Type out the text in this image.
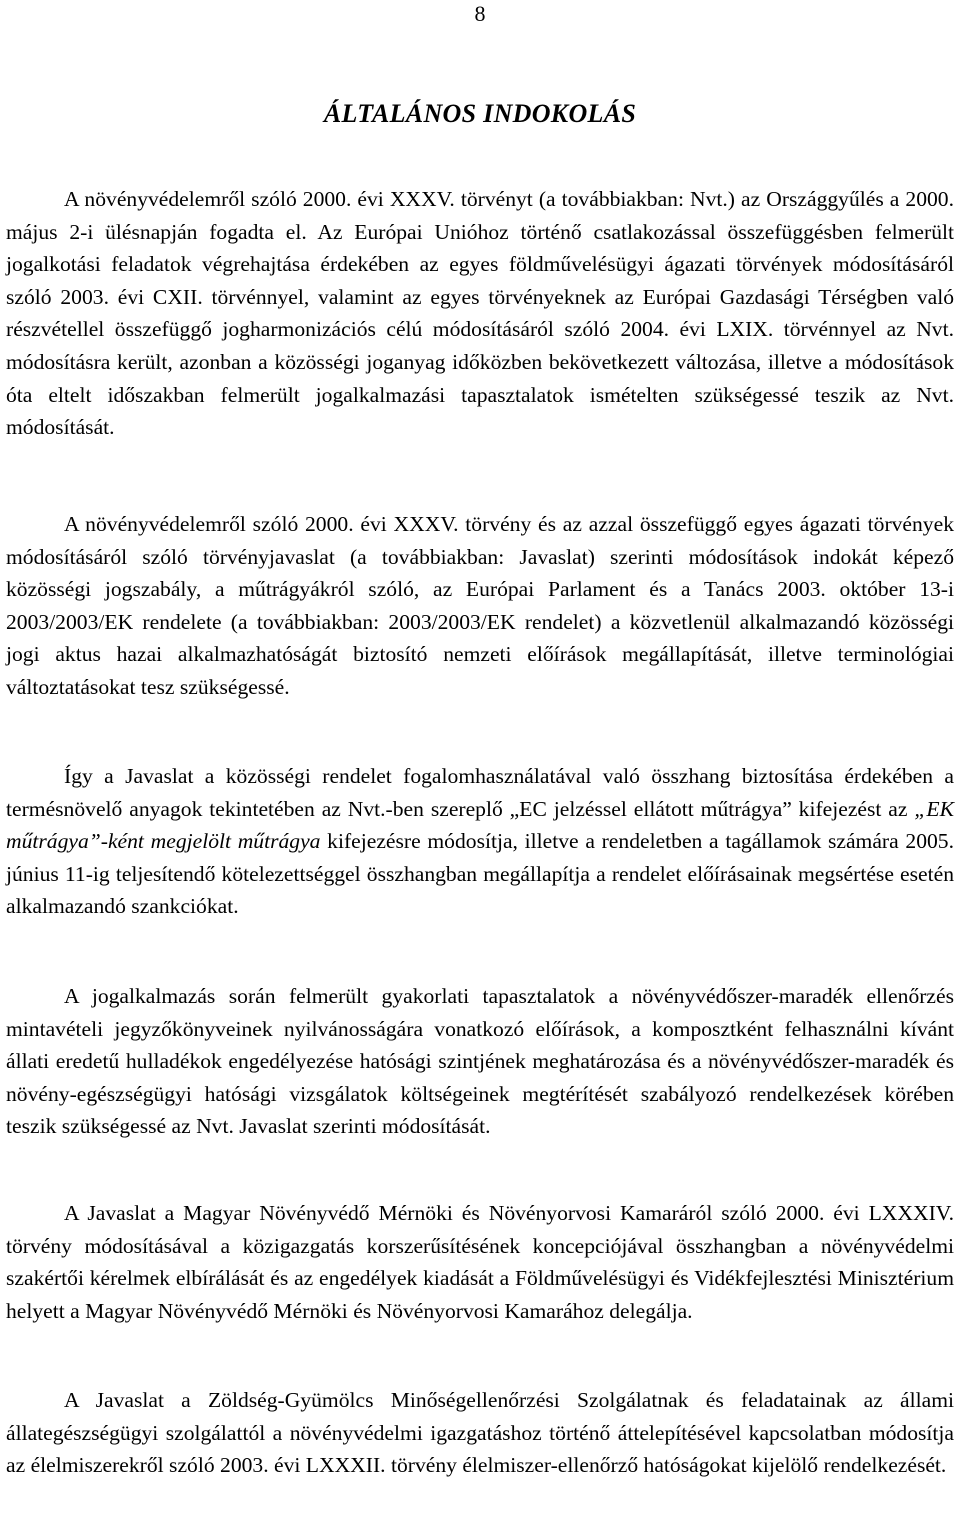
8
ÁLTALÁNOS INDOKOLÁS

A növényvédelemről szóló 2000. évi XXXV. törvényt (a továbbiakban: Nvt.) az Országgyűlés a 2000. május 2-i ülésnapján fogadta el. Az Európai Unióhoz történő csatlakozással összefüggésben felmerült jogalkotási feladatok végrehajtása érdekében az egyes földművelésügyi ágazati törvények módosításáról szóló 2003. évi CXII. törvénnyel, valamint az egyes törvényeknek az Európai Gazdasági Térségben való részvétellel összefüggő jogharmonizációs célú módosításáról szóló 2004. évi LXIX. törvénnyel az Nvt. módosításra került, azonban a közösségi joganyag időközben bekövetkezett változása, illetve a módosítások óta eltelt időszakban felmerült jogalkalmazási tapasztalatok ismételten szükségessé teszik az Nvt. módosítását.

A növényvédelemről szóló 2000. évi XXXV. törvény és az azzal összefüggő egyes ágazati törvények módosításáról szóló törvényjavaslat (a továbbiakban: Javaslat) szerinti módosítások indokát képező közösségi jogszabály, a műtrágyákról szóló, az Európai Parlament és a Tanács 2003. október 13-i 2003/2003/EK rendelete (a továbbiakban: 2003/2003/EK rendelet) a közvetlenül alkalmazandó közösségi jogi aktus hazai alkalmazhatóságát biztosító nemzeti előírások megállapítását, illetve terminológiai változtatásokat tesz szükségessé.

Így a Javaslat a közösségi rendelet fogalomhasználatával való összhang biztosítása érdekében a termésnövelő anyagok tekintetében az Nvt.-ben szereplő „EC jelzéssel ellátott műtrágya” kifejezést az „EK műtrágya”-ként megjelölt műtrágya kifejezésre módosítja, illetve a rendeletben a tagállamok számára 2005. június 11-ig teljesítendő kötelezettséggel összhangban megállapítja a rendelet előírásainak megsértése esetén alkalmazandó szankciókat.

A jogalkalmazás során felmerült gyakorlati tapasztalatok a növényvédőszer-maradék ellenőrzés mintavételi jegyzőkönyveinek nyilvánosságára vonatkozó előírások, a komposztként felhasználni kívánt állati eredetű hulladékok engedélyezése hatósági szintjének meghatározása és a növényvédőszer-maradék és növény-egészségügyi hatósági vizsgálatok költségeinek megtérítését szabályozó rendelkezések körében teszik szükségessé az Nvt. Javaslat szerinti módosítását.

A Javaslat a Magyar Növényvédő Mérnöki és Növényorvosi Kamaráról szóló 2000. évi LXXXIV. törvény módosításával a közigazgatás korszerűsítésének koncepciójával összhangban a növényvédelmi szakértői kérelmek elbírálását és az engedélyek kiadását a Földművelésügyi és Vidékfejlesztési Minisztérium helyett a Magyar Növényvédő Mérnöki és Növényorvosi Kamarához delegálja.

A Javaslat a Zöldség-Gyümölcs Minőségellenőrzési Szolgálatnak és feladatainak az állami állategészségügyi szolgálattól a növényvédelmi igazgatáshoz történő áttelepítésével kapcsolatban módosítja az élelmiszerekről szóló 2003. évi LXXXII. törvény élelmiszer-ellenőrző hatóságokat kijelölő rendelkezését.
